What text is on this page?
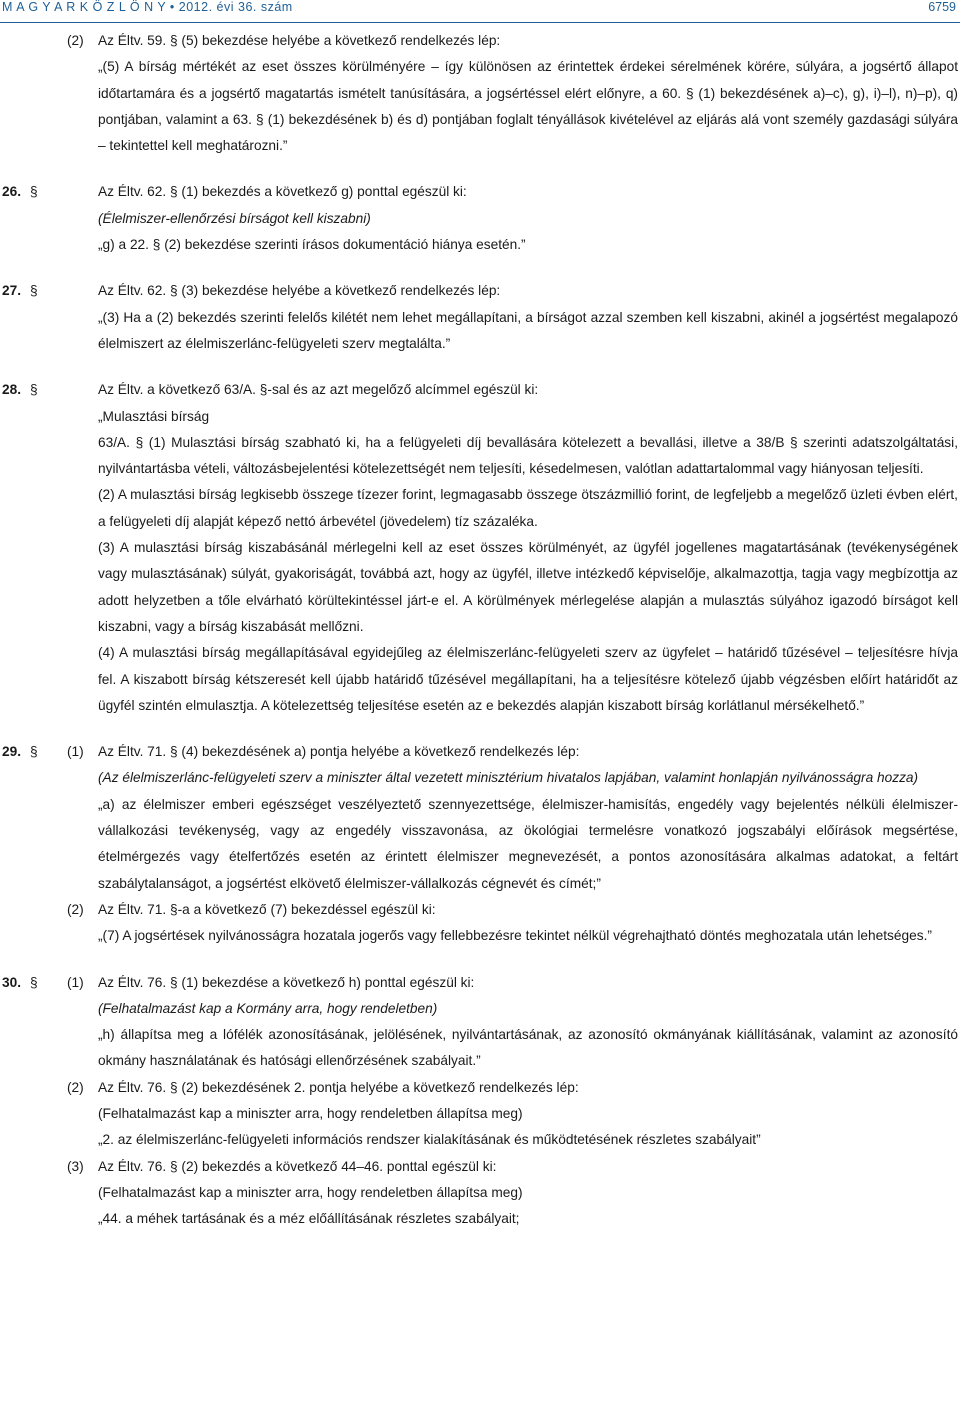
M A G Y A R K Ö Z L Ö N Y • 2012. évi 36. szám	6759
(2) Az Éltv. 59. § (5) bekezdése helyébe a következő rendelkezés lép:
„(5) A bírság mértékét az eset összes körülményére – így különösen az érintettek érdekei sérelmének körére, súlyára, a jogsértő állapot időtartamára és a jogsértő magatartás ismételt tanúsítására, a jogsértéssel elért előnyre, a 60. § (1) bekezdésének a)–c), g), i)–l), n)–p), q) pontjában, valamint a 63. § (1) bekezdésének b) és d) pontjában foglalt tényállások kivételével az eljárás alá vont személy gazdasági súlyára – tekintettel kell meghatározni.”
26. §	Az Éltv. 62. § (1) bekezdés a következő g) ponttal egészül ki:
(Élelmiszer-ellenőrzési bírságot kell kiszabni)
„g) a 22. § (2) bekezdése szerinti írásos dokumentáció hiánya esetén.”
27. §	Az Éltv. 62. § (3) bekezdése helyébe a következő rendelkezés lép:
„(3) Ha a (2) bekezdés szerinti felelős kilétét nem lehet megállapítani, a bírságot azzal szemben kell kiszabni, akinél a jogsértést megalapozó élelmiszert az élelmiszerlánc-felügyeleti szerv megtalálta.”
28. §	Az Éltv. a következő 63/A. §-sal és az azt megelőző alcímmel egészül ki:
„Mulasztási bírság
63/A. § (1) Mulasztási bírság szabható ki, ha a felügyeleti díj bevallására kötelezett a bevallási, illetve a 38/B § szerinti adatszolgáltatási, nyilvántartásba vételi, változásbejelentési kötelezettségét nem teljesíti, késedelmesen, valótlan adattartalommal vagy hiányosan teljesíti.
(2) A mulasztási bírság legkisebb összege tízezer forint, legmagasabb összege ötszázmillió forint, de legfeljebb a megelőző üzleti évben elért, a felügyeleti díj alapját képező nettó árbevétel (jövedelem) tíz százaléka.
(3) A mulasztási bírság kiszabásánál mérlegelni kell az eset összes körülményét, az ügyfél jogellenes magatartásának (tevékenységének vagy mulasztásának) súlyát, gyakoriságát, továbbá azt, hogy az ügyfél, illetve intézkedő képviselője, alkalmazottja, tagja vagy megbízottja az adott helyzetben a tőle elvárható körültekintéssel járt-e el. A körülmények mérlegelése alapján a mulasztás súlyához igazodó bírságot kell kiszabni, vagy a bírság kiszabását mellőzni.
(4) A mulasztási bírság megállapításával egyidejűleg az élelmiszerlánc-felügyeleti szerv az ügyfelet – határidő tűzésével – teljesítésre hívja fel. A kiszabott bírság kétszeresét kell újabb határidő tűzésével megállapítani, ha a teljesítésre kötelező újabb végzésben előírt határidőt az ügyfél szintén elmulasztja. A kötelezettség teljesítése esetén az e bekezdés alapján kiszabott bírság korlátlanul mérsékelhető.”
29. § (1) Az Éltv. 71. § (4) bekezdésének a) pontja helyébe a következő rendelkezés lép:
(Az élelmiszerlánc-felügyeleti szerv a miniszter által vezetett minisztérium hivatalos lapjában, valamint honlapján nyilvánosságra hozza)
„a) az élelmiszer emberi egészséget veszélyeztető szennyezettsége, élelmiszer-hamisítás, engedély vagy bejelentés nélküli élelmiszer-vállalkozási tevékenység, vagy az engedély visszavonása, az ökológiai termelésre vonatkozó jogszabályi előírások megsértése, ételmérgezés vagy ételfertőzés esetén az érintett élelmiszer megnevezését, a pontos azonosítására alkalmas adatokat, a feltárt szabálytalanságot, a jogsértést elkövető élelmiszer-vállalkozás cégnevét és címét;”
(2) Az Éltv. 71. §-a a következő (7) bekezdéssel egészül ki:
„(7) A jogsértések nyilvánosságra hozatala jogerős vagy fellebbezésre tekintet nélkül végrehajtható döntés meghozatala után lehetséges.”
30. § (1) Az Éltv. 76. § (1) bekezdése a következő h) ponttal egészül ki:
(Felhatalmazást kap a Kormány arra, hogy rendeletben)
„h) állapítsa meg a lófélék azonosításának, jelölésének, nyilvántartásának, az azonosító okmányának kiállításának, valamint az azonosító okmány használatának és hatósági ellenőrzésének szabályait.”
(2) Az Éltv. 76. § (2) bekezdésének 2. pontja helyébe a következő rendelkezés lép:
(Felhatalmazást kap a miniszter arra, hogy rendeletben állapítsa meg)
„2. az élelmiszerlánc-felügyeleti információs rendszer kialakításának és működtetésének részletes szabályait”
(3) Az Éltv. 76. § (2) bekezdés a következő 44–46. ponttal egészül ki:
(Felhatalmazást kap a miniszter arra, hogy rendeletben állapítsa meg)
„44. a méhek tartásának és a méz előállításának részletes szabályait;
